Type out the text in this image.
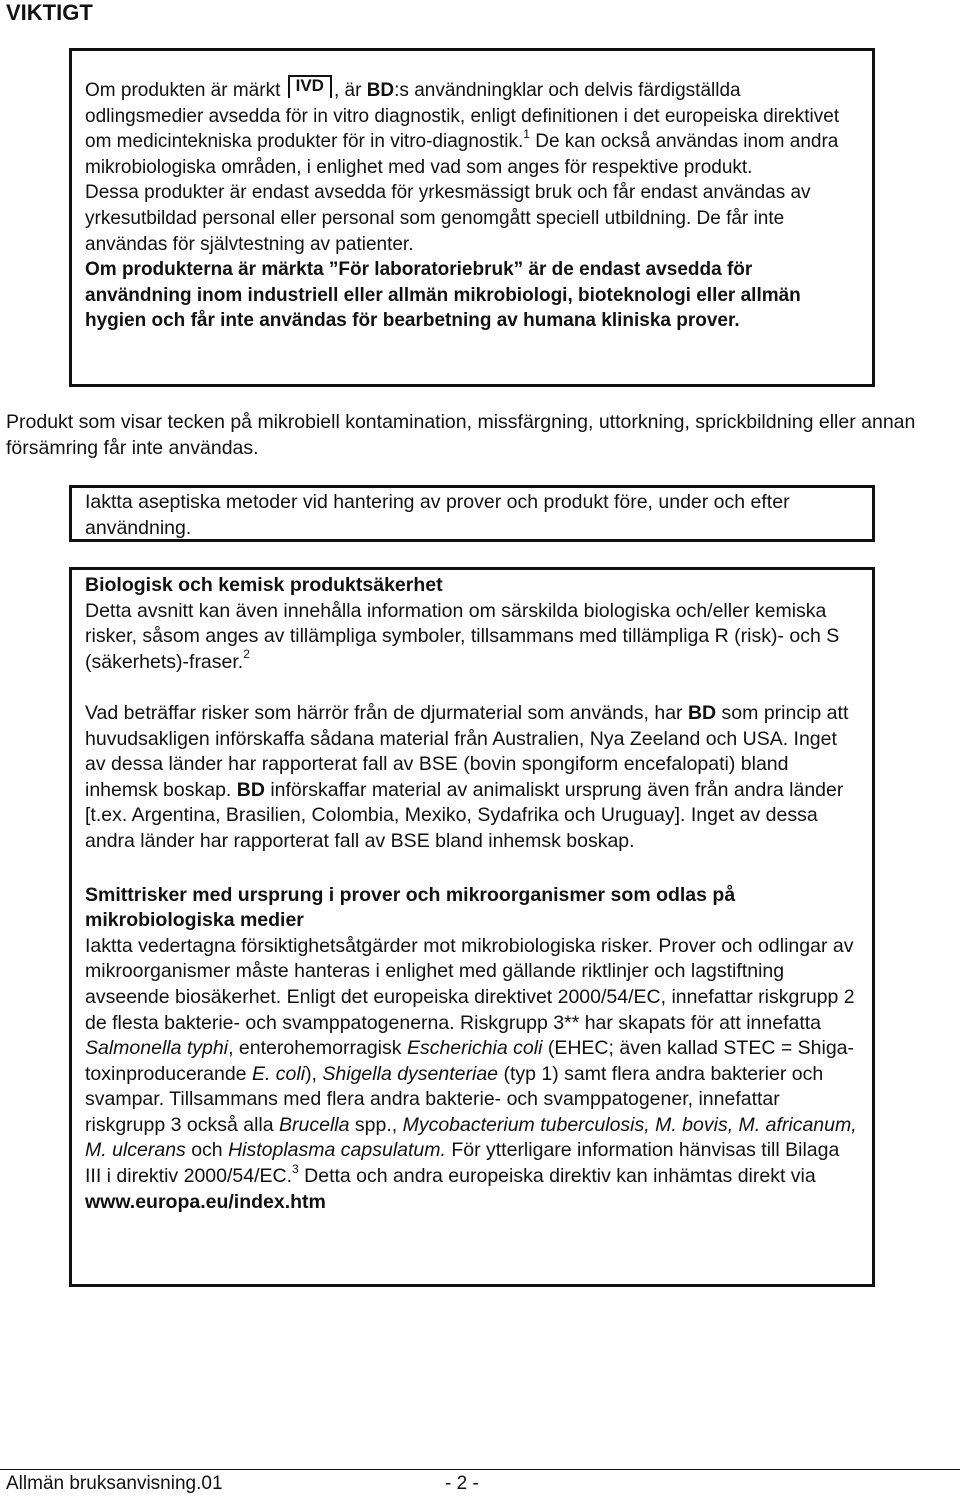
VIKTIGT

Om produkten är märkt IVD , är BD:s användningklar och delvis färdigställda odlingsmedier avsedda för in vitro diagnostik, enligt definitionen i det europeiska direktivet om medicintekniska produkter för in vitro-diagnostik.$^1$ De kan också användas inom andra mikrobiologiska områden, i enlighet med vad som anges för respektive produkt.

Dessa produkter är endast avsedda för yrkesmässigt bruk och får endast användas av yrkesutbildad personal eller personal som genomgått speciell utbildning. De får inte användas för självtestning av patienter.

Om produkterna är märkta ”För laboratoriebruk” är de endast avsedda för användning inom industriell eller allmän mikrobiologi, bioteknologi eller allmän hygien och får inte användas för bearbetning av humana kliniska prover.

Produkt som visar tecken på mikrobiell kontamination, missfärgning, uttorkning, sprickbildning eller annan försämring får inte användas.

Iaktta aseptiska metoder vid hantering av prover och produkt före, under och efter användning.

Biologisk och kemisk produktsäkerhet

Detta avsnitt kan även innehålla information om särskilda biologiska och/eller kemiska risker, såsom anges av tillämpliga symboler, tillsammans med tillämpliga R (risk)- och S (säkerhets)-fraser.$^2$

Vad beträffar risker som härrör från de djurmaterial som används, har BD som princip att huvudsakligen införskaffa sådana material från Australien, Nya Zeeland och USA. Inget av dessa länder har rapporterat fall av BSE (bovin spongiform encefalopati) bland inhemsk boskap. BD införskaffar material av animaliskt ursprung även från andra länder [t.ex. Argentina, Brasilien, Colombia, Mexiko, Sydafrika och Uruguay]. Inget av dessa andra länder har rapporterat fall av BSE bland inhemsk boskap.

Smittrisker med ursprung i prover och mikroorganismer som odlas på mikrobiologiska medier

Iaktta vedertagna försiktighetsåtgärder mot mikrobiologiska risker. Prover och odlingar av mikroorganismer måste hanteras i enlighet med gällande riktlinjer och lagstiftning avseende biosäkerhet. Enligt det europeiska direktivet 2000/54/EC, innefattar riskgrupp 2 de flesta bakterie- och svamppatogenerna. Riskgrupp 3** har skapats för att innefatta Salmonella typhi, enterohemorragisk Escherichia coli (EHEC; även kallad STEC = Shiga-toxinproducerande E. coli), Shigella dysenteriae (typ 1) samt flera andra bakterier och svampar. Tillsammans med flera andra bakterie- och svamppatogener, innefattar riskgrupp 3 också alla Brucella spp., Mycobacterium tuberculosis, M. bovis, M. africanum, M. ulcerans och Histoplasma capsulatum. För ytterligare information hänvisas till Bilaga III i direktiv 2000/54/EC.$^3$ Detta och andra europeiska direktiv kan inhämtas direkt via www.europa.eu/index.htm

Allmän bruksanvisning.01	- 2 -
